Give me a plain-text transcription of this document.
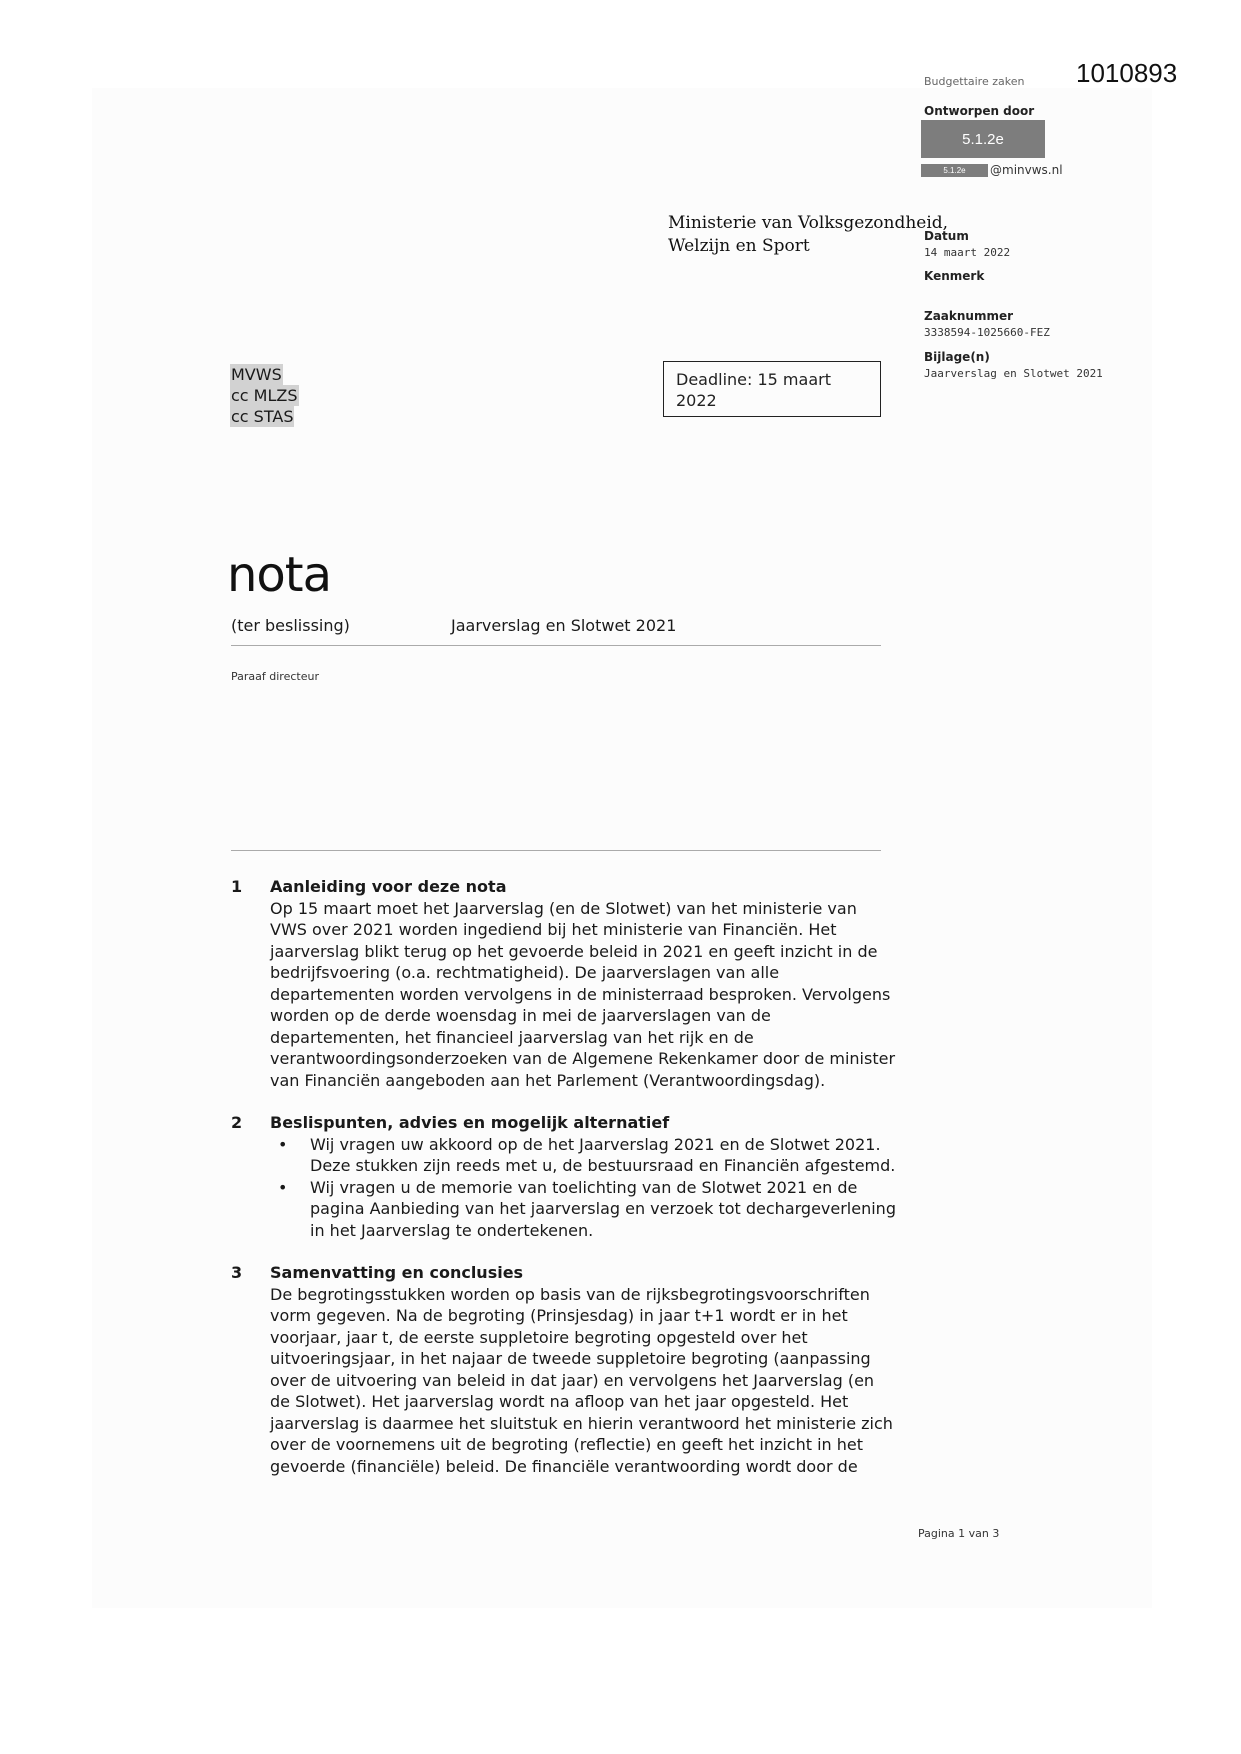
1010893
Budgettaire zaken
Ontworpen door
5.1.2e
5.1.2e	@minvws.nl
Ministerie van Volksgezondheid,
Welzijn en Sport	Datum
14 maart 2022
Kenmerk
Zaaknummer
3338594-1025660-FEZ
Bijlage(n)
Jaarverslag en Slotwet 2021
MVWS
cc MLZS
cc STAS
Deadline: 15 maart
2022
nota
(ter beslissing)	Jaarverslag en Slotwet 2021
Paraaf directeur
1 Aanleiding voor deze nota
Op 15 maart moet het Jaarverslag (en de Slotwet) van het ministerie van
VWS over 2021 worden ingediend bij het ministerie van Financiën. Het
jaarverslag blikt terug op het gevoerde beleid in 2021 en geeft inzicht in de
bedrijfsvoering (o.a. rechtmatigheid). De jaarverslagen van alle
departementen worden vervolgens in de ministerraad besproken. Vervolgens
worden op de derde woensdag in mei de jaarverslagen van de
departementen, het financieel jaarverslag van het rijk en de
verantwoordingsonderzoeken van de Algemene Rekenkamer door de minister
van Financiën aangeboden aan het Parlement (Verantwoordingsdag).
2 Beslispunten, advies en mogelijk alternatief
• Wij vragen uw akkoord op de het Jaarverslag 2021 en de Slotwet 2021.
Deze stukken zijn reeds met u, de bestuursraad en Financiën afgestemd.
• Wij vragen u de memorie van toelichting van de Slotwet 2021 en de
pagina Aanbieding van het jaarverslag en verzoek tot dechargeverlening
in het Jaarverslag te ondertekenen.
3 Samenvatting en conclusies
De begrotingsstukken worden op basis van de rijksbegrotingsvoorschriften
vorm gegeven. Na de begroting (Prinsjesdag) in jaar t+1 wordt er in het
voorjaar, jaar t, de eerste suppletoire begroting opgesteld over het
uitvoeringsjaar, in het najaar de tweede suppletoire begroting (aanpassing
over de uitvoering van beleid in dat jaar) en vervolgens het Jaarverslag (en
de Slotwet). Het jaarverslag wordt na afloop van het jaar opgesteld. Het
jaarverslag is daarmee het sluitstuk en hierin verantwoord het ministerie zich
over de voornemens uit de begroting (reflectie) en geeft het inzicht in het
gevoerde (financiële) beleid. De financiële verantwoording wordt door de
Pagina 1 van 3
